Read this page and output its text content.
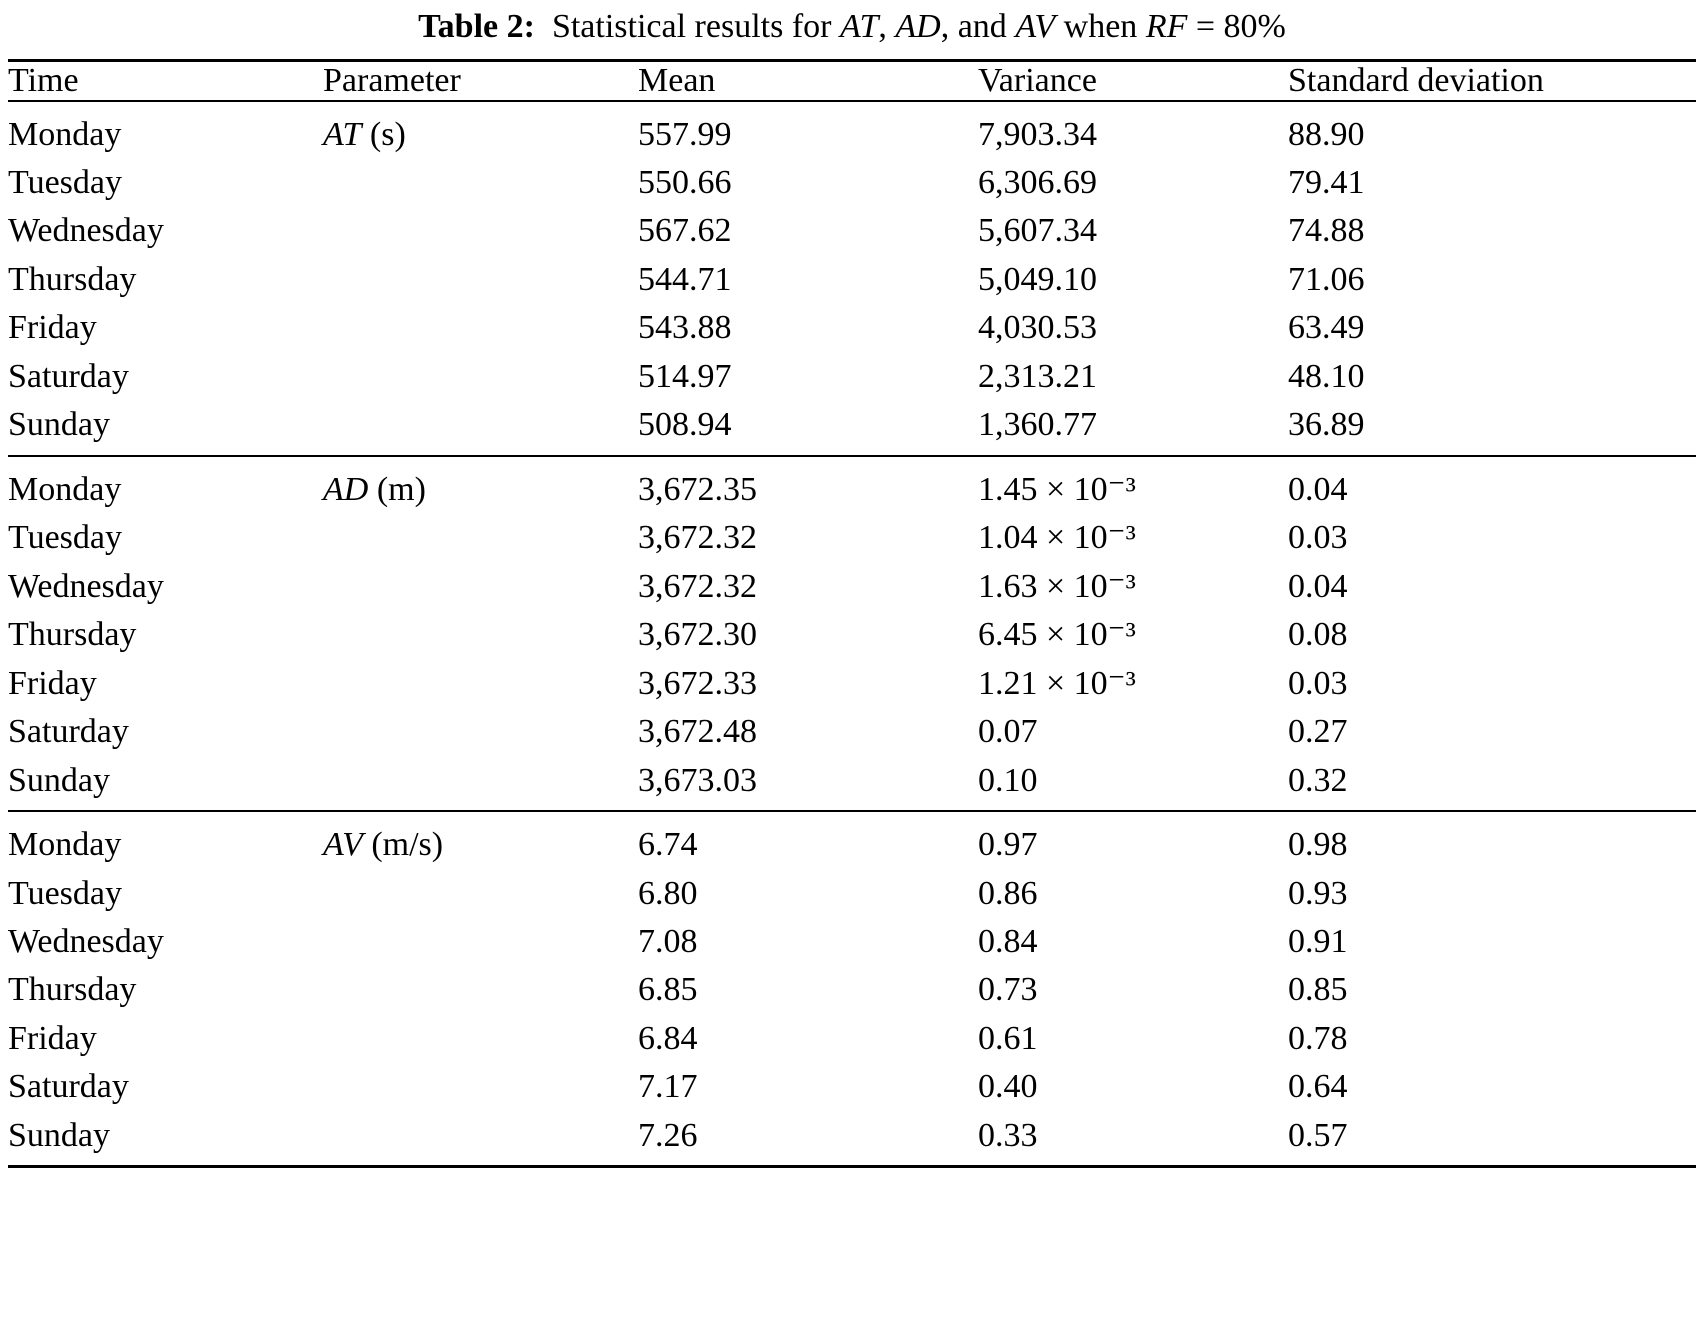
Table 2: Statistical results for AT, AD, and AV when RF = 80%

Time	Parameter	Mean	Variance	Standard deviation

Monday	AT (s)	557.99	7,903.34	88.90
Tuesday		550.66	6,306.69	79.41
Wednesday		567.62	5,607.34	74.88
Thursday		544.71	5,049.10	71.06
Friday		543.88	4,030.53	63.49
Saturday		514.97	2,313.21	48.10
Sunday		508.94	1,360.77	36.89

Monday	AD (m)	3,672.35	1.45 × 10⁻³	0.04
Tuesday		3,672.32	1.04 × 10⁻³	0.03
Wednesday		3,672.32	1.63 × 10⁻³	0.04
Thursday		3,672.30	6.45 × 10⁻³	0.08
Friday		3,672.33	1.21 × 10⁻³	0.03
Saturday		3,672.48	0.07	0.27
Sunday		3,673.03	0.10	0.32

Monday	AV (m/s)	6.74	0.97	0.98
Tuesday		6.80	0.86	0.93
Wednesday		7.08	0.84	0.91
Thursday		6.85	0.73	0.85
Friday		6.84	0.61	0.78
Saturday		7.17	0.40	0.64
Sunday		7.26	0.33	0.57
